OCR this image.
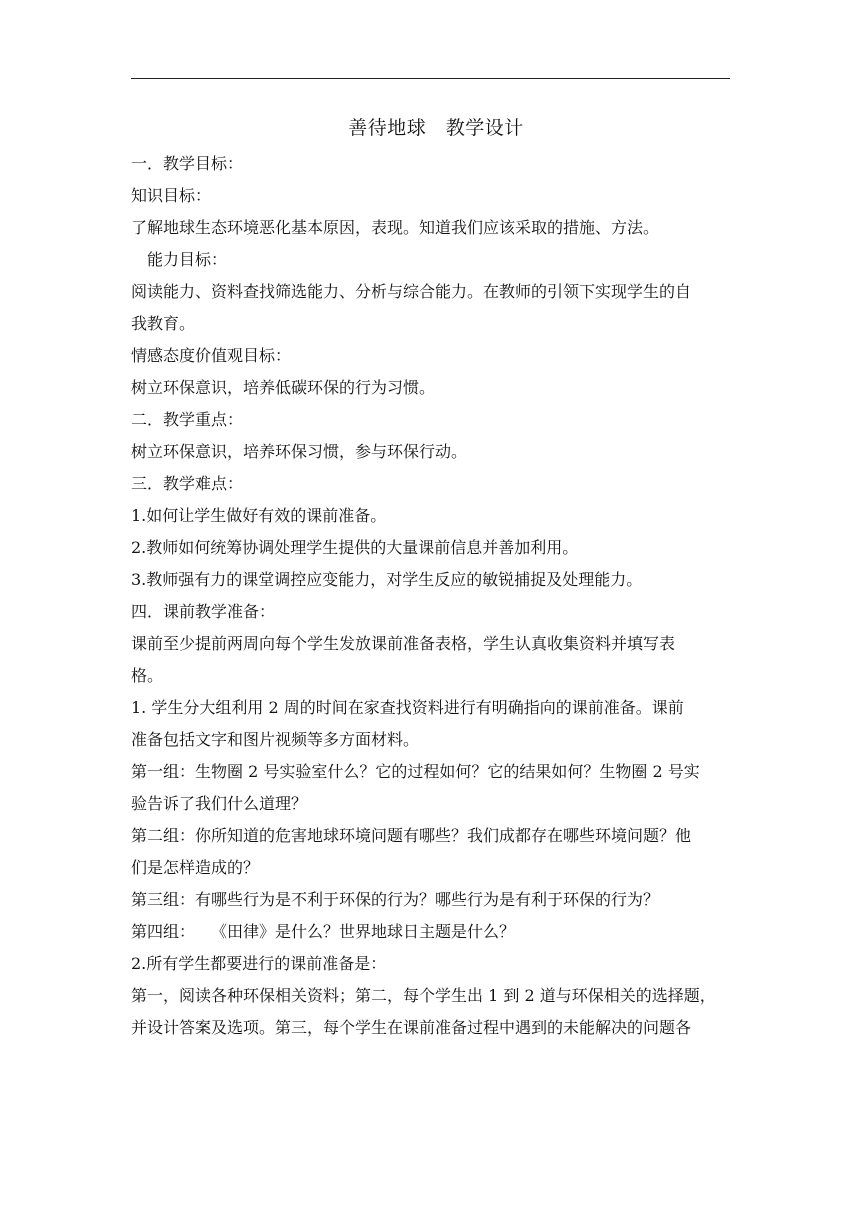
善待地球　教学设计

一．教学目标：

知识目标：

了解地球生态环境恶化基本原因，表现。知道我们应该采取的措施、方法。

能力目标：

阅读能力、资料查找筛选能力、分析与综合能力。在教师的引领下实现学生的自

我教育。

情感态度价值观目标：

树立环保意识，培养低碳环保的行为习惯。

二．教学重点：

树立环保意识，培养环保习惯，参与环保行动。

三．教学难点：

1.如何让学生做好有效的课前准备。

2.教师如何统筹协调处理学生提供的大量课前信息并善加利用。

3.教师强有力的课堂调控应变能力，对学生反应的敏锐捕捉及处理能力。

四．课前教学准备：

课前至少提前两周向每个学生发放课前准备表格，学生认真收集资料并填写表

格。

1. 学生分大组利用 2 周的时间在家查找资料进行有明确指向的课前准备。课前

准备包括文字和图片视频等多方面材料。

第一组：生物圈 2 号实验室什么？它的过程如何？它的结果如何？生物圈 2 号实

验告诉了我们什么道理？

第二组：你所知道的危害地球环境问题有哪些？我们成都存在哪些环境问题？他

们是怎样造成的？

第三组：有哪些行为是不利于环保的行为？哪些行为是有利于环保的行为？

第四组：　　《田律》是什么？世界地球日主题是什么？

2.所有学生都要进行的课前准备是：

第一，阅读各种环保相关资料；第二，每个学生出 1 到 2 道与环保相关的选择题，

并设计答案及选项。第三，每个学生在课前准备过程中遇到的未能解决的问题各
